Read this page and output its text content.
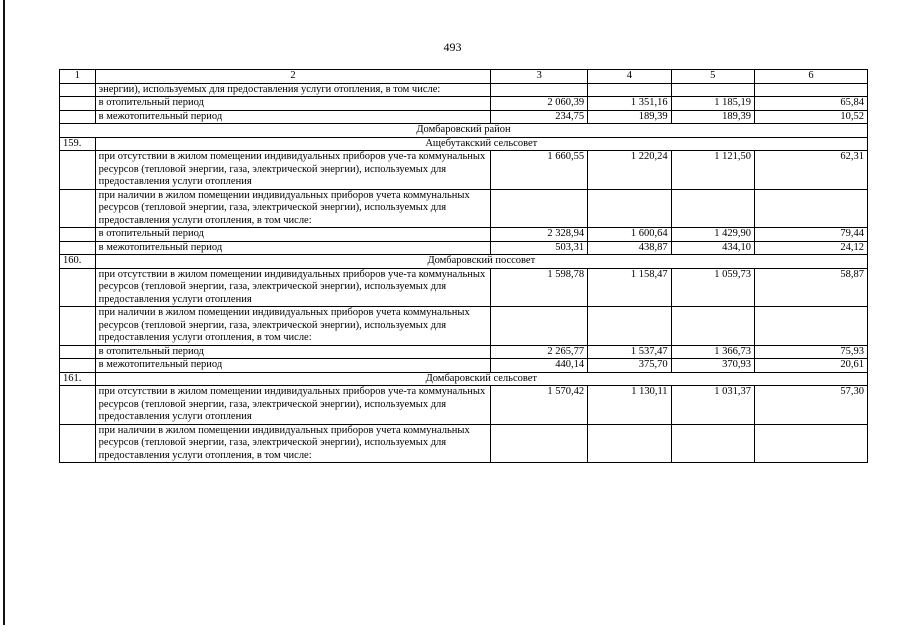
493
1	2	3	4	5	6
	энергии), используемых для предоставления услуги отопления, в том числе:				
	в отопительный период	2 060,39	1 351,16	1 185,19	65,84
	в межотопительный период	234,75	189,39	189,39	10,52
Домбаровский район					
159.	Ащебутакский сельсовет				
	при отсутствии в жилом помещении индивидуальных приборов уче-та коммунальных ресурсов (тепловой энергии, газа, электрической энергии), используемых для предоставления услуги отопления	1 660,55	1 220,24	1 121,50	62,31
	при наличии в жилом помещении индивидуальных приборов учета коммунальных ресурсов (тепловой энергии, газа, электрической энергии), используемых для предоставления услуги отопления, в том числе:				
	в отопительный период	2 328,94	1 600,64	1 429,90	79,44
	в межотопительный период	503,31	438,87	434,10	24,12
160.	Домбаровский поссовет				
	при отсутствии в жилом помещении индивидуальных приборов уче-та коммунальных ресурсов (тепловой энергии, газа, электрической энергии), используемых для предоставления услуги отопления	1 598,78	1 158,47	1 059,73	58,87
	при наличии в жилом помещении индивидуальных приборов учета коммунальных ресурсов (тепловой энергии, газа, электрической энергии), используемых для предоставления услуги отопления, в том числе:				
	в отопительный период	2 265,77	1 537,47	1 366,73	75,93
	в межотопительный период	440,14	375,70	370,93	20,61
161.	Домбаровский сельсовет				
	при отсутствии в жилом помещении индивидуальных приборов уче-та коммунальных ресурсов (тепловой энергии, газа, электрической энергии), используемых для предоставления услуги отопления	1 570,42	1 130,11	1 031,37	57,30
	при наличии в жилом помещении индивидуальных приборов учета коммунальных ресурсов (тепловой энергии, газа, электрической энергии), используемых для предоставления услуги отопления, в том числе:				
